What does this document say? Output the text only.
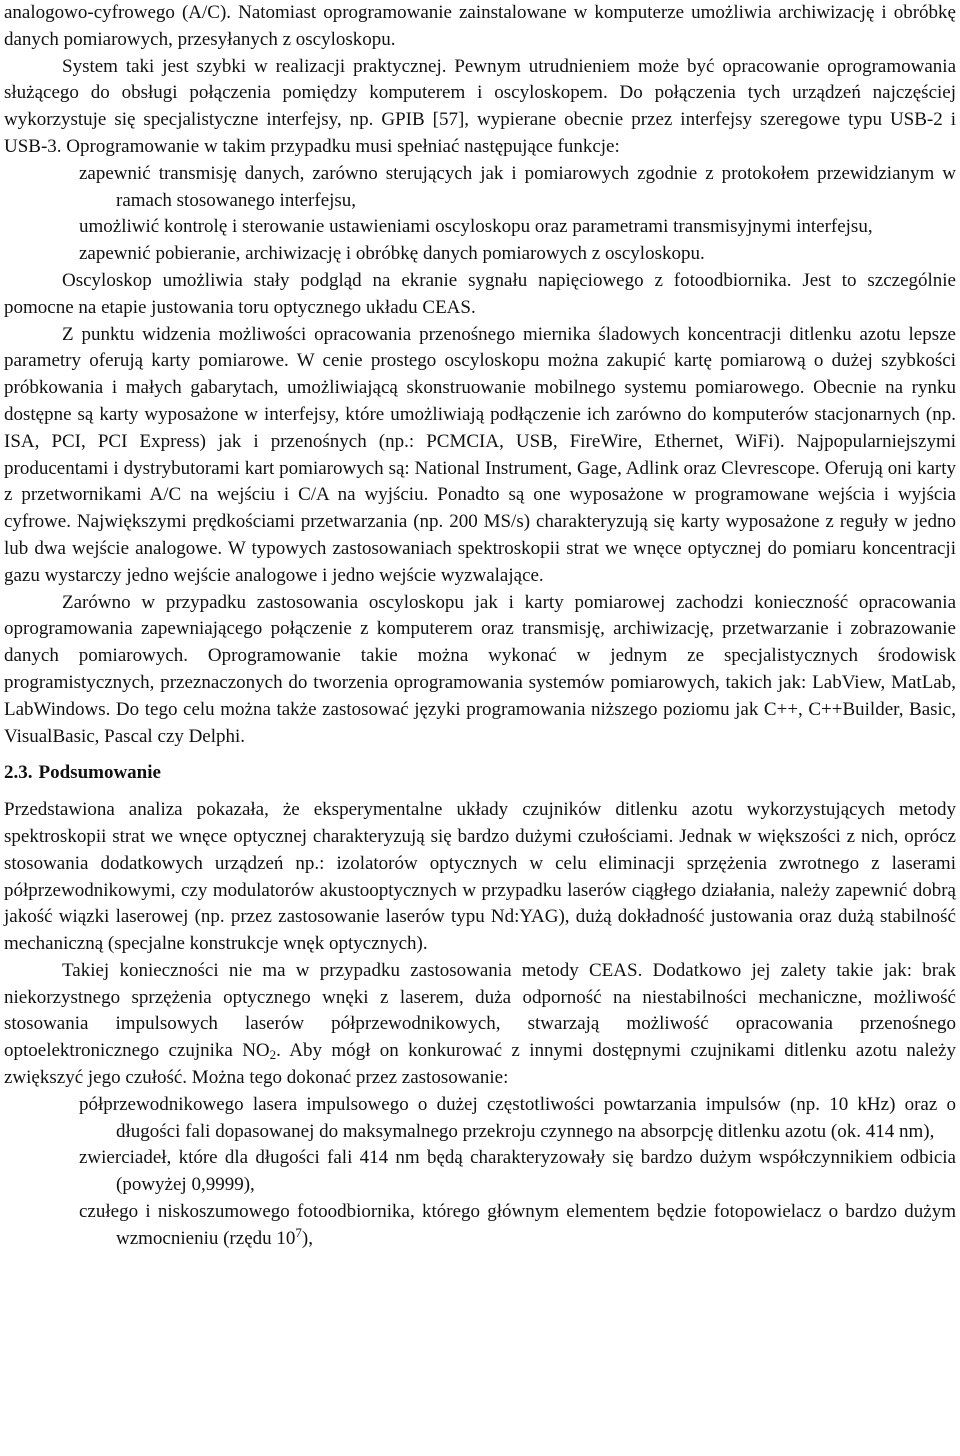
analogowo-cyfrowego (A/C). Natomiast oprogramowanie zainstalowane w komputerze umożliwia archiwizację i obróbkę danych pomiarowych, przesyłanych z oscyloskopu.

System taki jest szybki w realizacji praktycznej. Pewnym utrudnieniem może być opracowanie oprogramowania służącego do obsługi połączenia pomiędzy komputerem i oscyloskopem. Do połączenia tych urządzeń najczęściej wykorzystuje się specjalistyczne interfejsy, np. GPIB [57], wypierane obecnie przez interfejsy szeregowe typu USB-2 i USB-3. Oprogramowanie w takim przypadku musi spełniać następujące funkcje:

zapewnić transmisję danych, zarówno sterujących jak i pomiarowych zgodnie z protokołem przewidzianym w ramach stosowanego interfejsu,
umożliwić kontrolę i sterowanie ustawieniami oscyloskopu oraz parametrami transmisyjnymi interfejsu,
zapewnić pobieranie, archiwizację i obróbkę danych pomiarowych z oscyloskopu.

Oscyloskop umożliwia stały podgląd na ekranie sygnału napięciowego z fotoodbiornika. Jest to szczególnie pomocne na etapie justowania toru optycznego układu CEAS.

Z punktu widzenia możliwości opracowania przenośnego miernika śladowych koncentracji ditlenku azotu lepsze parametry oferują karty pomiarowe. W cenie prostego oscyloskopu można zakupić kartę pomiarową o dużej szybkości próbkowania i małych gabarytach, umożliwiającą skonstruowanie mobilnego systemu pomiarowego. Obecnie na rynku dostępne są karty wyposażone w interfejsy, które umożliwiają podłączenie ich zarówno do komputerów stacjonarnych (np. ISA, PCI, PCI Express) jak i przenośnych (np.: PCMCIA, USB, FireWire, Ethernet, WiFi). Najpopularniejszymi producentami i dystrybutorami kart pomiarowych są: National Instrument, Gage, Adlink oraz Clevrescope. Oferują oni karty z przetwornikami A/C na wejściu i C/A na wyjściu. Ponadto są one wyposażone w programowane wejścia i wyjścia cyfrowe. Największymi prędkościami przetwarzania (np. 200 MS/s) charakteryzują się karty wyposażone z reguły w jedno lub dwa wejście analogowe. W typowych zastosowaniach spektroskopii strat we wnęce optycznej do pomiaru koncentracji gazu wystarczy jedno wejście analogowe i jedno wejście wyzwalające.

Zarówno w przypadku zastosowania oscyloskopu jak i karty pomiarowej zachodzi konieczność opracowania oprogramowania zapewniającego połączenie z komputerem oraz transmisję, archiwizację, przetwarzanie i zobrazowanie danych pomiarowych. Oprogramowanie takie można wykonać w jednym ze specjalistycznych środowisk programistycznych, przeznaczonych do tworzenia oprogramowania systemów pomiarowych, takich jak: LabView, MatLab, LabWindows. Do tego celu można także zastosować języki programowania niższego poziomu jak C++, C++Builder, Basic, VisualBasic, Pascal czy Delphi.

2.3. Podsumowanie

Przedstawiona analiza pokazała, że eksperymentalne układy czujników ditlenku azotu wykorzystujących metody spektroskopii strat we wnęce optycznej charakteryzują się bardzo dużymi czułościami. Jednak w większości z nich, oprócz stosowania dodatkowych urządzeń np.: izolatorów optycznych w celu eliminacji sprzężenia zwrotnego z laserami półprzewodnikowymi, czy modulatorów akustooptycznych w przypadku laserów ciągłego działania, należy zapewnić dobrą jakość wiązki laserowej (np. przez zastosowanie laserów typu Nd:YAG), dużą dokładność justowania oraz dużą stabilność mechaniczną (specjalne konstrukcje wnęk optycznych).

Takiej konieczności nie ma w przypadku zastosowania metody CEAS. Dodatkowo jej zalety takie jak: brak niekorzystnego sprzężenia optycznego wnęki z laserem, duża odporność na niestabilności mechaniczne, możliwość stosowania impulsowych laserów półprzewodnikowych, stwarzają możliwość opracowania przenośnego optoelektronicznego czujnika $NO_2$. Aby mógł on konkurować z innymi dostępnymi czujnikami ditlenku azotu należy zwiększyć jego czułość. Można tego dokonać przez zastosowanie:

półprzewodnikowego lasera impulsowego o dużej częstotliwości powtarzania impulsów (np. 10 kHz) oraz o długości fali dopasowanej do maksymalnego przekroju czynnego na absorpcję ditlenku azotu (ok. 414 nm),
zwierciadeł, które dla długości fali 414 nm będą charakteryzowały się bardzo dużym współczynnikiem odbicia (powyżej 0,9999),
czułego i niskoszumowego fotoodbiornika, którego głównym elementem będzie fotopowielacz o bardzo dużym wzmocnieniu (rzędu $10^7$),
